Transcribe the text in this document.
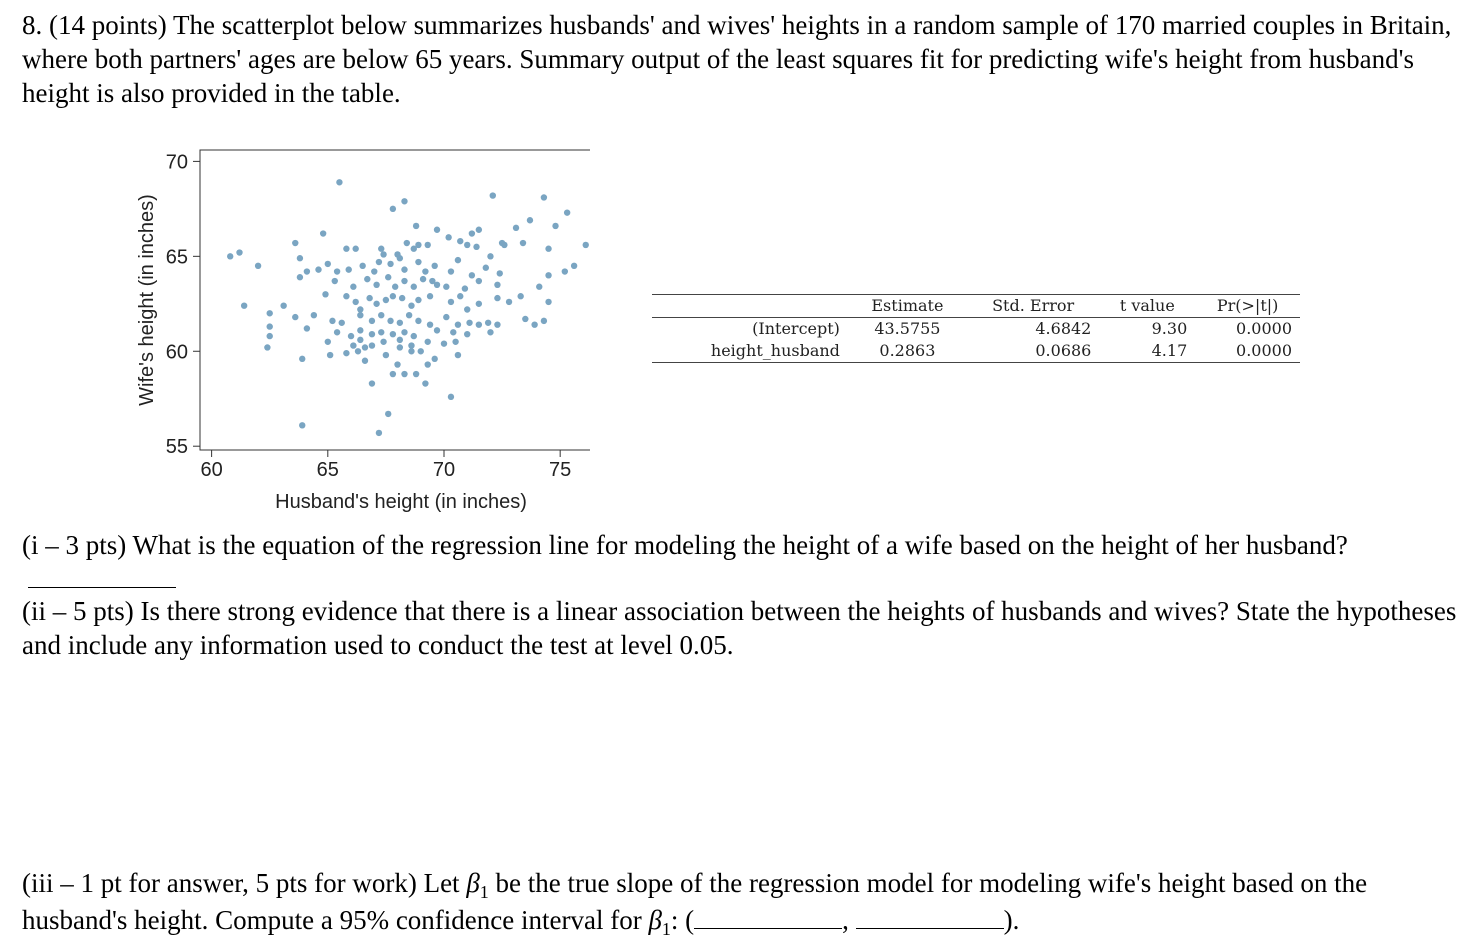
8. (14 points) The scatterplot below summarizes husbands' and wives' heights in a random sample of 170 married couples in Britain, where both partners' ages are below 65 years. Summary output of the least squares fit for predicting wife's height from husband's height is also provided in the table.
60	65	70	75
55
60
65
70
Husband's height (in inches)
Wife's height (in inches)
		Estimate	Std. Error	t value	Pr(>|t|)
(Intercept)	43.5755	4.6842	9.30	0.0000
height_husband	0.2863	0.0686	4.17	0.0000
(i – 3 pts) What is the equation of the regression line for modeling the height of a wife based on the height of her husband?
(ii – 5 pts) Is there strong evidence that there is a linear association between the heights of husbands and wives? State the hypotheses and include any information used to conduct the test at level 0.05.
(iii – 1 pt for answer, 5 pts for work) Let $\beta_1$ be the true slope of the regression model for modeling wife's height based on the husband's height. Compute a 95% confidence interval for $\beta_1$: (	,	).
